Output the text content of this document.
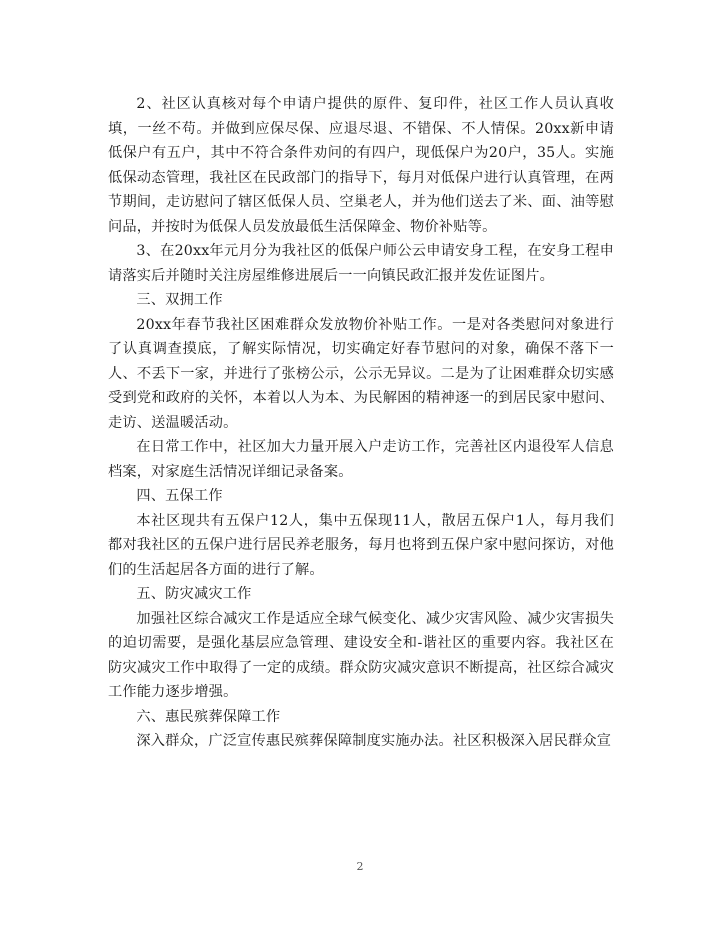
2、社区认真核对每个申请户提供的原件、复印件，社区工作人员认真收填，一丝不苟。并做到应保尽保、应退尽退、不错保、不人情保。20xx新申请低保户有五户，其中不符合条件劝问的有四户，现低保户为20户，35人。实施低保动态管理，我社区在民政部门的指导下，每月对低保户进行认真管理，在两节期间，走访慰问了辖区低保人员、空巢老人，并为他们送去了米、面、油等慰问品，并按时为低保人员发放最低生活保障金、物价补贴等。

3、在20xx年元月分为我社区的低保户师公云申请安身工程，在安身工程申请落实后并随时关注房屋维修进展后一一向镇民政汇报并发佐证图片。

三、双拥工作

20xx年春节我社区困难群众发放物价补贴工作。一是对各类慰问对象进行了认真调查摸底，了解实际情况，切实确定好春节慰问的对象，确保不落下一人、不丢下一家，并进行了张榜公示，公示无异议。二是为了让困难群众切实感受到党和政府的关怀，本着以人为本、为民解困的精神逐一的到居民家中慰问、走访、送温暖活动。

在日常工作中，社区加大力量开展入户走访工作，完善社区内退役军人信息档案，对家庭生活情况详细记录备案。

四、五保工作

本社区现共有五保户12人，集中五保现11人，散居五保户1人，每月我们都对我社区的五保户进行居民养老服务，每月也将到五保户家中慰问探访，对他们的生活起居各方面的进行了解。

五、防灾减灾工作

加强社区综合减灾工作是适应全球气候变化、减少灾害风险、减少灾害损失的迫切需要，是强化基层应急管理、建设安全和-谐社区的重要内容。我社区在防灾减灾工作中取得了一定的成绩。群众防灾减灾意识不断提高，社区综合减灾工作能力逐步增强。

六、惠民殡葬保障工作

深入群众，广泛宣传惠民殡葬保障制度实施办法。社区积极深入居民群众宣

2
